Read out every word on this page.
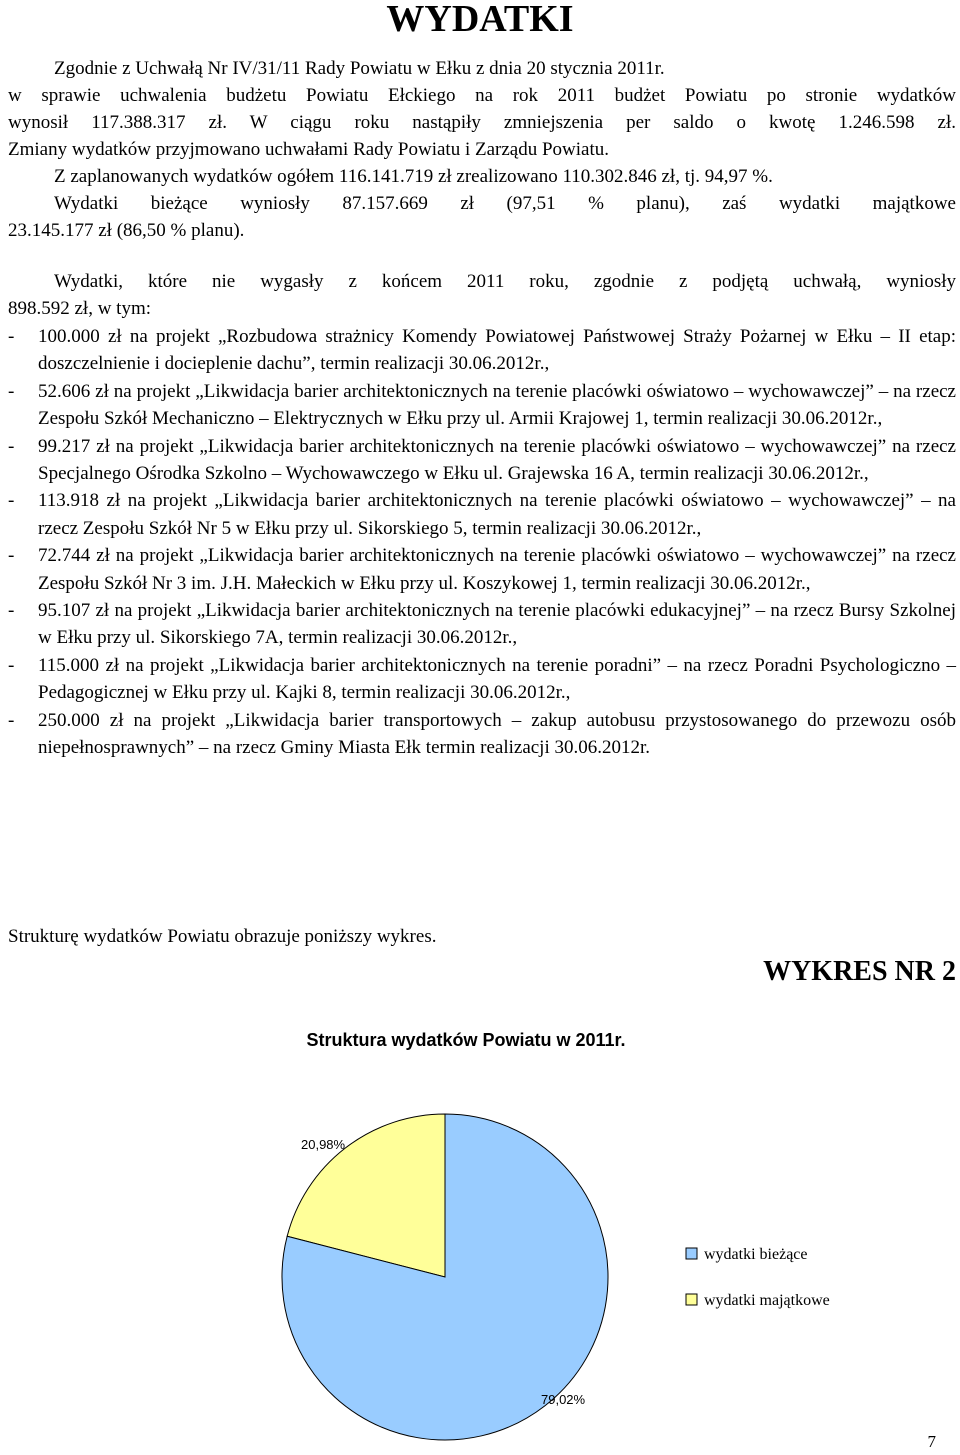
WYDATKI
Zgodnie z Uchwałą Nr IV/31/11 Rady Powiatu w Ełku z dnia 20 stycznia 2011r.
w sprawie uchwalenia budżetu Powiatu Ełckiego na rok 2011 budżet Powiatu po stronie wydatków
wynosił 117.388.317 zł. W ciągu roku nastąpiły zmniejszenia per saldo o kwotę 1.246.598 zł.
Zmiany wydatków przyjmowano uchwałami Rady Powiatu i Zarządu Powiatu.
Z zaplanowanych wydatków ogółem 116.141.719 zł zrealizowano 110.302.846 zł, tj. 94,97 %.
Wydatki bieżące wyniosły 87.157.669 zł (97,51 % planu), zaś wydatki majątkowe
23.145.177 zł (86,50 % planu).
Wydatki, które nie wygasły z końcem 2011 roku, zgodnie z podjętą uchwałą, wyniosły
898.592 zł, w tym:
-	100.000 zł na projekt „Rozbudowa strażnicy Komendy Powiatowej Państwowej Straży Pożarnej w Ełku – II etap: doszczelnienie i docieplenie dachu”, termin realizacji 30.06.2012r.,
-	52.606 zł na projekt „Likwidacja barier architektonicznych na terenie placówki oświatowo – wychowawczej” – na rzecz Zespołu Szkół Mechaniczno – Elektrycznych w Ełku przy ul. Armii Krajowej 1, termin realizacji 30.06.2012r.,
-	99.217 zł na projekt „Likwidacja barier architektonicznych na terenie placówki oświatowo – wychowawczej” na rzecz Specjalnego Ośrodka Szkolno – Wychowawczego w Ełku ul. Grajewska 16 A, termin realizacji 30.06.2012r.,
-	113.918 zł na projekt „Likwidacja barier architektonicznych na terenie placówki oświatowo – wychowawczej” – na rzecz Zespołu Szkół Nr 5 w Ełku przy ul. Sikorskiego 5, termin realizacji 30.06.2012r.,
-	72.744 zł na projekt „Likwidacja barier architektonicznych na terenie placówki oświatowo – wychowawczej” na rzecz Zespołu Szkół Nr 3 im. J.H. Małeckich w Ełku przy ul. Koszykowej 1, termin realizacji 30.06.2012r.,
-	95.107 zł na projekt „Likwidacja barier architektonicznych na terenie placówki edukacyjnej” – na rzecz Bursy Szkolnej w Ełku przy ul. Sikorskiego 7A, termin realizacji 30.06.2012r.,
-	115.000 zł na projekt „Likwidacja barier architektonicznych na terenie poradni” – na rzecz Poradni Psychologiczno – Pedagogicznej w Ełku przy ul. Kajki 8, termin realizacji 30.06.2012r.,
-	250.000 zł na projekt „Likwidacja barier transportowych – zakup autobusu przystosowanego do przewozu osób niepełnosprawnych” – na rzecz Gminy Miasta Ełk termin realizacji 30.06.2012r.
Strukturę wydatków Powiatu obrazuje poniższy wykres.
WYKRES NR 2
Struktura wydatków Powiatu w 2011r.
79,02%
20,98%
wydatki bieżące
wydatki majątkowe
7
